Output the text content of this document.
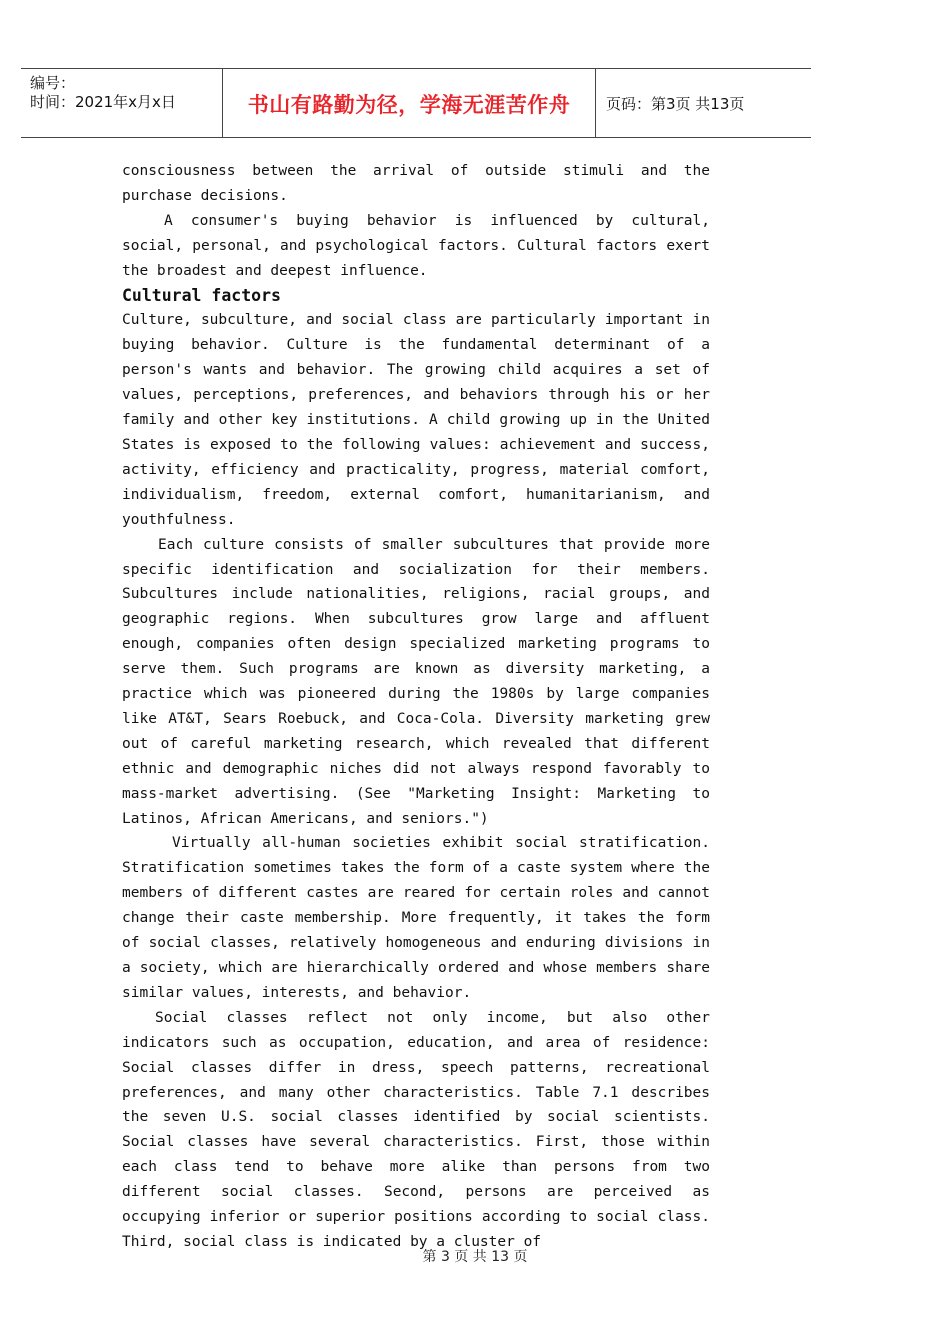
编号：
时间：2021年x月x日	书山有路勤为径，学海无涯苦作舟	页码：第3页 共13页

consciousness between the arrival of outside stimuli and the purchase decisions.

A consumer's buying behavior is influenced by cultural, social, personal, and psychological factors. Cultural factors exert the broadest and deepest influence.

Cultural factors

Culture, subculture, and social class are particularly important in buying behavior. Culture is the fundamental determinant of a person's wants and behavior. The growing child acquires a set of values, perceptions, preferences, and behaviors through his or her family and other key institutions. A child growing up in the United States is exposed to the following values: achievement and success, activity, efficiency and practicality, progress, material comfort, individualism, freedom, external comfort, humanitarianism, and youthfulness.

Each culture consists of smaller subcultures that provide more specific identification and socialization for their members. Subcultures include nationalities, religions, racial groups, and geographic regions. When subcultures grow large and affluent enough, companies often design specialized marketing programs to serve them. Such programs are known as diversity marketing, a practice which was pioneered during the 1980s by large companies like AT&T, Sears Roebuck, and Coca-Cola. Diversity marketing grew out of careful marketing research, which revealed that different ethnic and demographic niches did not always respond favorably to mass-market advertising. (See "Marketing Insight: Marketing to Latinos, African Americans, and seniors.")

Virtually all-human societies exhibit social stratification. Stratification sometimes takes the form of a caste system where the members of different castes are reared for certain roles and cannot change their caste membership. More frequently, it takes the form of social classes, relatively homogeneous and enduring divisions in a society, which are hierarchically ordered and whose members share similar values, interests, and behavior.

Social classes reflect not only income, but also other indicators such as occupation, education, and area of residence: Social classes differ in dress, speech patterns, recreational preferences, and many other characteristics. Table 7.1 describes the seven U.S. social classes identified by social scientists. Social classes have several characteristics. First, those within each class tend to behave more alike than persons from two different social classes. Second, persons are perceived as occupying inferior or superior positions according to social class. Third, social class is indicated by a cluster of

第 3 页 共 13 页
